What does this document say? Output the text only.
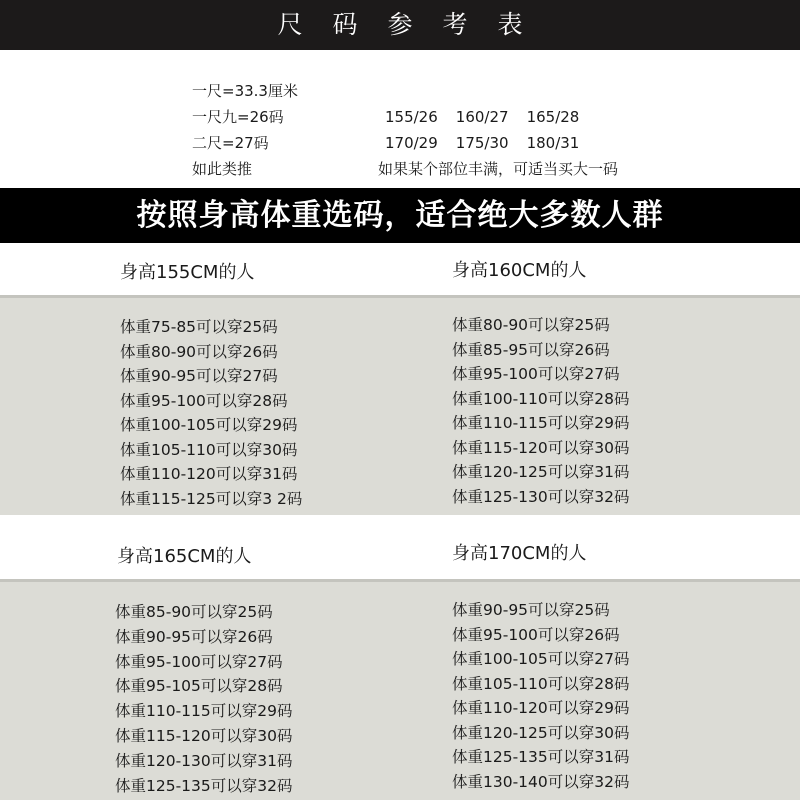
尺码参考表
一尺=33.3厘米
一尺九=26码
二尺=27码
如此类推
155/26 160/27 165/28
170/29 175/30 180/31
如果某个部位丰满，可适当买大一码
按照身高体重选码，适合绝大多数人群
身高155CM的人	身高160CM的人
体重75-85可以穿25码
体重80-90可以穿26码
体重90-95可以穿27码
体重95-100可以穿28码
体重100-105可以穿29码
体重105-110可以穿30码
体重110-120可以穿31码
体重115-125可以穿3 2码
体重80-90可以穿25码
体重85-95可以穿26码
体重95-100可以穿27码
体重100-110可以穿28码
体重110-115可以穿29码
体重115-120可以穿30码
体重120-125可以穿31码
体重125-130可以穿32码
身高165CM的人	身高170CM的人
体重85-90可以穿25码
体重90-95可以穿26码
体重95-100可以穿27码
体重95-105可以穿28码
体重110-115可以穿29码
体重115-120可以穿30码
体重120-130可以穿31码
体重125-135可以穿32码
体重90-95可以穿25码
体重95-100可以穿26码
体重100-105可以穿27码
体重105-110可以穿28码
体重110-120可以穿29码
体重120-125可以穿30码
体重125-135可以穿31码
体重130-140可以穿32码
